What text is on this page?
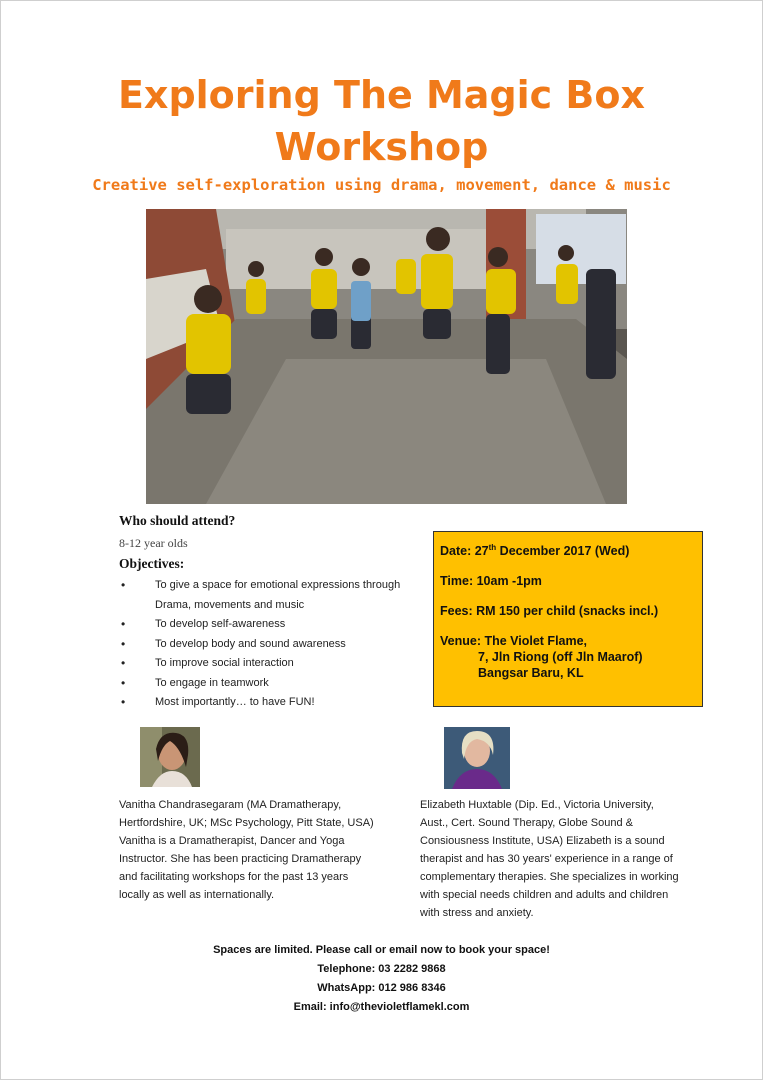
Exploring The Magic Box
Workshop

Creative self-exploration using drama, movement, dance & music

Who should attend?

8-12 year olds

Objectives:

• To give a space for emotional expressions through Drama, movements and music
• To develop self-awareness
• To develop body and sound awareness
• To improve social interaction
• To engage in teamwork
• Most importantly… to have FUN!

Date: 27th December 2017 (Wed)

Time: 10am -1pm

Fees: RM 150 per child (snacks incl.)

Venue: The Violet Flame,

7, Jln Riong (off Jln Maarof)

Bangsar Baru, KL

Vanitha Chandrasegaram (MA Dramatherapy, Hertfordshire, UK; MSc Psychology, Pitt State, USA) Vanitha is a Dramatherapist, Dancer and Yoga Instructor. She has been practicing Dramatherapy and facilitating workshops for the past 13 years locally as well as internationally.

Elizabeth Huxtable (Dip. Ed., Victoria University, Aust., Cert. Sound Therapy, Globe Sound & Consiousness Institute, USA) Elizabeth is a sound therapist and has 30 years' experience in a range of complementary therapies. She specializes in working with special needs children and adults and children with stress and anxiety.

Spaces are limited. Please call or email now to book your space!

Telephone: 03 2282 9868

WhatsApp: 012 986 8346

Email: info@thevioletflamekl.com
